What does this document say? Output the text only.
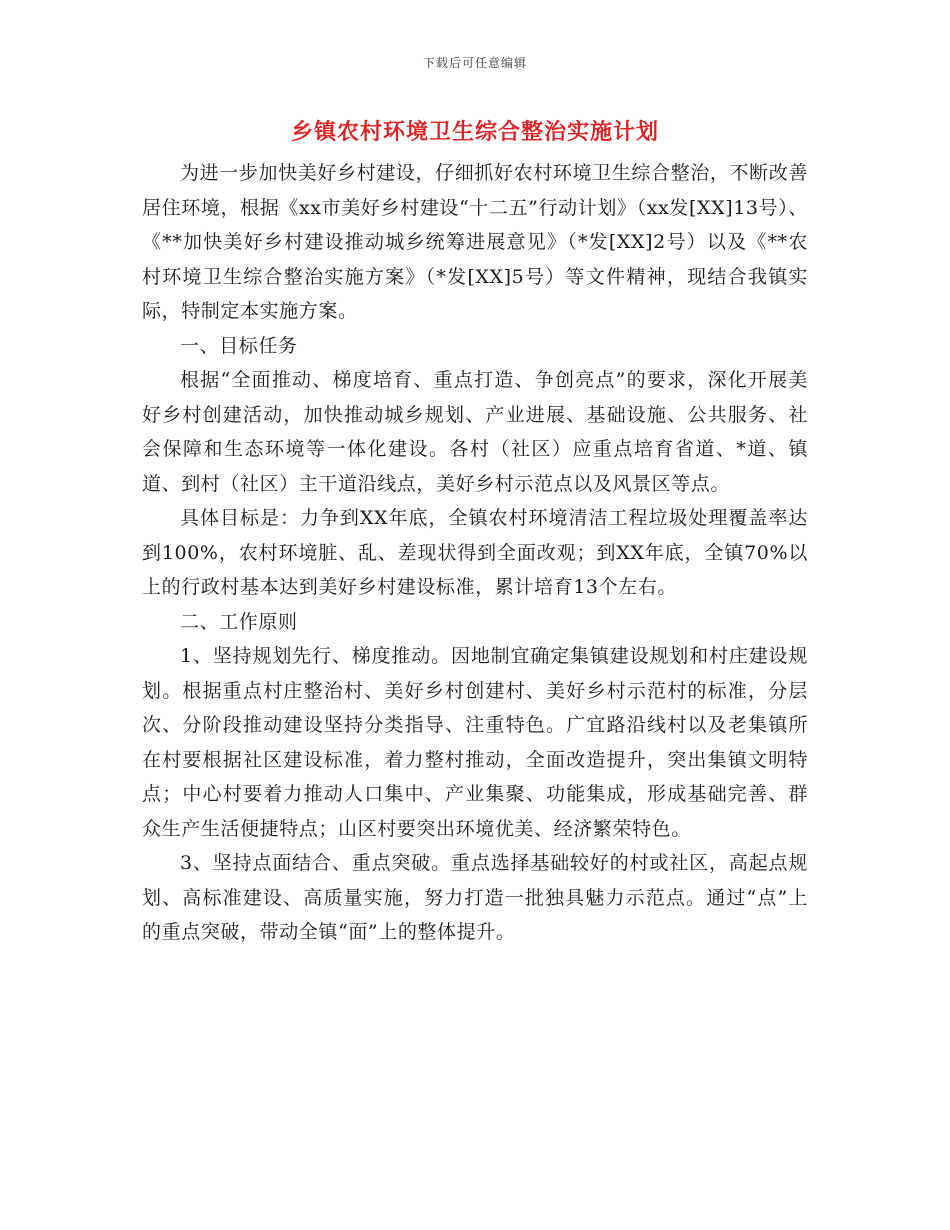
下载后可任意编辑
乡镇农村环境卫生综合整治实施计划

为进一步加快美好乡村建设，仔细抓好农村环境卫生综合整治，不断改善居住环境，根据《xx市美好乡村建设“十二五”行动计划》（xx发[XX]13号）、《**加快美好乡村建设推动城乡统筹进展意见》（*发[XX]2号）以及《**农村环境卫生综合整治实施方案》（*发[XX]5号）等文件精神，现结合我镇实际，特制定本实施方案。

一、目标任务

根据“全面推动、梯度培育、重点打造、争创亮点”的要求，深化开展美好乡村创建活动，加快推动城乡规划、产业进展、基础设施、公共服务、社会保障和生态环境等一体化建设。各村（社区）应重点培育省道、*道、镇道、到村（社区）主干道沿线点，美好乡村示范点以及风景区等点。

具体目标是：力争到XX年底，全镇农村环境清洁工程垃圾处理覆盖率达到100%，农村环境脏、乱、差现状得到全面改观；到XX年底，全镇70%以上的行政村基本达到美好乡村建设标准，累计培育13个左右。

二、工作原则

1、坚持规划先行、梯度推动。因地制宜确定集镇建设规划和村庄建设规划。根据重点村庄整治村、美好乡村创建村、美好乡村示范村的标准，分层次、分阶段推动建设坚持分类指导、注重特色。广宜路沿线村以及老集镇所在村要根据社区建设标准，着力整村推动，全面改造提升，突出集镇文明特点；中心村要着力推动人口集中、产业集聚、功能集成，形成基础完善、群众生产生活便捷特点；山区村要突出环境优美、经济繁荣特色。

3、坚持点面结合、重点突破。重点选择基础较好的村或社区，高起点规划、高标准建设、高质量实施，努力打造一批独具魅力示范点。通过“点”上的重点突破，带动全镇“面”上的整体提升。
